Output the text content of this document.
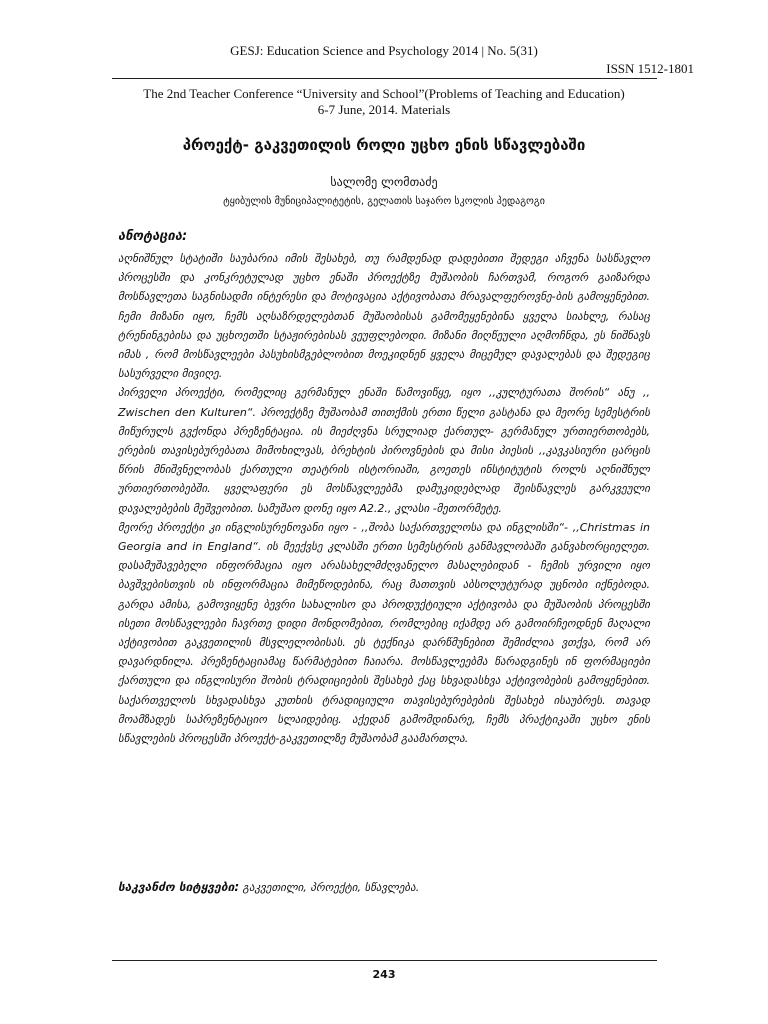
GESJ: Education Science and Psychology 2014 | No. 5(31)
ISSN 1512-1801
The 2nd Teacher Conference “University and School”(Problems of Teaching and Education)
6-7 June, 2014. Materials
პროექტ- გაკვეთილის როლი უცხო ენის სწავლებაში
სალომე ლომთაძე
ტყიბულის მუნიციპალიტეტის, გელათის საჯარო სკოლის პედაგოგი
ანოტაცია:

აღნიშნულ სტატიში საუბარია იმის შესახებ, თუ რამდენად დადებითი შედეგი აჩვენა სასწავლო პროცესში და კონკრეტულად უცხო ენაში პროექტზე მუშაობის ჩართვამ, როგორ გაიზარდა მოსწავლეთა საგნისადმი ინტერესი და მოტივაცია აქტივობათა მრავალფეროვნე-ბის გამოყენებით. ჩემი მიზანი იყო, ჩემს აღსაზრდელებთან მუშაობისას გამომეყენებინა ყველა სიახლე, რასაც ტრენინგებისა და უცხოეთში სტაჟირებისას ვეუფლებოდი. მიზანი მიღწეული აღმოჩნდა, ეს ნიშნავს იმას , რომ მოსწავლეები პასუხისმგებლობით მოეკიდნენ ყველა მიცემულ დავალებას და შედეგიც სასურველი მივიღე.

პირველი პროექტი, რომელიც გერმანულ ენაში წამოვიწყე, იყო ,,კულტურათა შორის“ ანუ ,, Zwischen den Kulturen“. პროექტზე მუშაობამ თითქმის ერთი წელი გასტანა და მეორე სემესტრის მიწურულს გვქონდა პრეზენტაცია. ის მიეძღვნა სრულიად ქართულ- გერმანულ ურთიერთობებს, ერების თავისებურებათა მიმოხილვას, ბრეხტის პიროვნების და მისი პიესის ,,კავკასიური ცარცის წრის მნიშვნელობას ქართული თეატრის ისტორიაში, გოეთეს ინსტიტუტის როლს აღნიშნულ ურთიერთობებში. ყველაფერი ეს მოსწავლეებმა დამუკიდებლად შეისწავლეს გარკვეული დავალებების მეშვეობით. სამუშაო დონე იყო A2.2., კლასი -მეთორმეტე.

მეორე პროექტი კი ინგლისურენოვანი იყო - ,,შობა საქართველოსა და ინგლისში“- ,,Christmas in Georgia and in England“. ის მეექვსე კლასში ერთი სემესტრის განმავლობაში განვახორციელეთ. დასამუშავებელი ინფორმაცია იყო არასახელმძღვანელო მასალებიდან - ჩემის ურვილი იყო ბავშვებისთვის ის ინფორმაცია მიმეწოდებინა, რაც მათთვის აბსოლუტურად უცნობი იქნებოდა. გარდა ამისა, გამოვიყენე ბევრი სახალისო და პროდუქტიული აქტივობა და მუშაობის პროცესში ისეთი მოსწავლეები ჩავრთე დიდი მონდომებით, რომლებიც იქამდე არ გამოირჩეოდნენ მაღალი აქტივობით გაკვეთილის მსვლელობისას. ეს ტექნიკა დარწმუნებით შემიძლია ვთქვა, რომ არ დავარდნილა. პრეზენტაციამაც წარმატებით ჩაიარა. მოსწავლეებმა წარადგინეს ინ ფორმაციები ქართული და ინგლისური შობის ტრადიციების შესახებ ქაც სხვადასხვა აქტივობების გამოყენებით. საქართველოს სხვადასხვა კუთხის ტრადიციული თავისებურებების შესახებ ისაუბრეს. თავად მოამზადეს საპრეზენტაციო სლაიდებიც. აქედან გამომდინარე, ჩემს პრაქტიკაში უცხო ენის სწავლების პროცესში პროექტ-გაკვეთილზე მუშაობამ გაამართლა.

საკვანძო სიტყვები: გაკვეთილი, პროექტი, სწავლება.
243
